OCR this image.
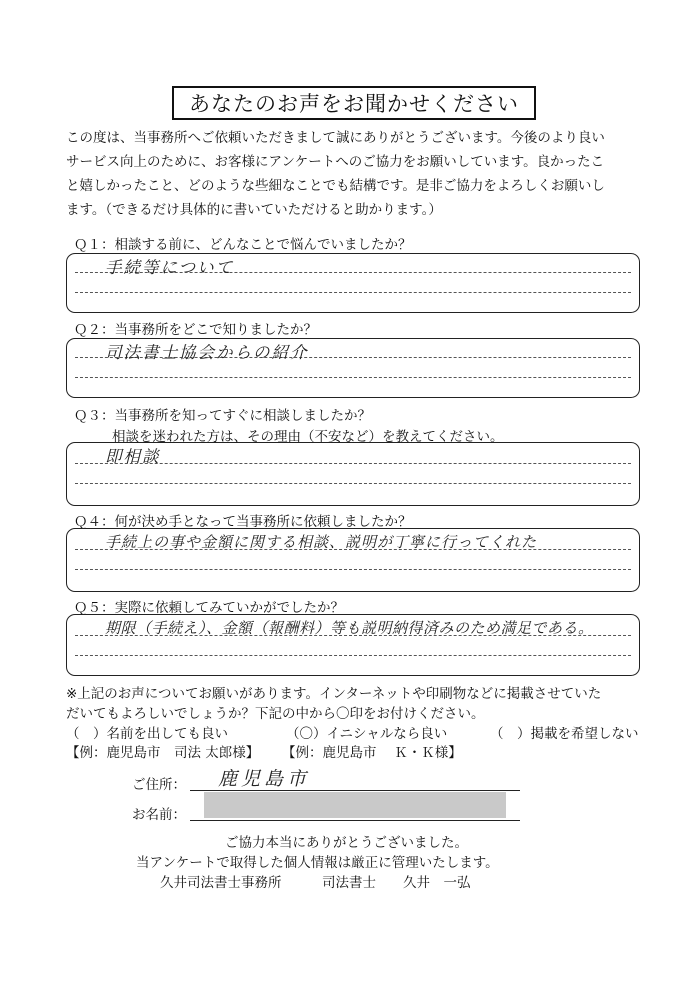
あなたのお声をお聞かせください
この度は、当事務所へご依頼いただきまして誠にありがとうございます。今後のより良い
サービス向上のために、お客様にアンケートへのご協力をお願いしています。良かったこ
と嬉しかったこと、どのような些細なことでも結構です。是非ご協力をよろしくお願いし
ます。（できるだけ具体的に書いていただけると助かります。）
Ｑ１：相談する前に、どんなことで悩んでいましたか？
手続等について
Ｑ２：当事務所をどこで知りましたか？
司法書士協会からの紹介
Ｑ３：当事務所を知ってすぐに相談しましたか？
相談を迷われた方は、その理由（不安など）を教えてください。
即相談
Ｑ４：何が決め手となって当事務所に依頼しましたか？
手続上の事や金額に関する相談、説明が丁寧に行ってくれた
Ｑ５：実際に依頼してみていかがでしたか？
期限（手続え）、金額（報酬料）等も説明納得済みのため満足である。
※上記のお声についてお願いがあります。インターネットや印刷物などに掲載させていた
だいてもよろしいでしょうか？下記の中から〇印をお付けください。
（　）名前を出しても良い	（〇）イニシャルなら良い	（　）掲載を希望しない
【例：鹿児島市　司法 太郎様】 【例：鹿児島市　 Ｋ・Ｋ様】
ご住所： 鹿児島市
お名前：
ご協力本当にありがとうございました。
当アンケートで取得した個人情報は厳正に管理いたします。
久井司法書士事務所　　　司法書士　　久井　一弘
